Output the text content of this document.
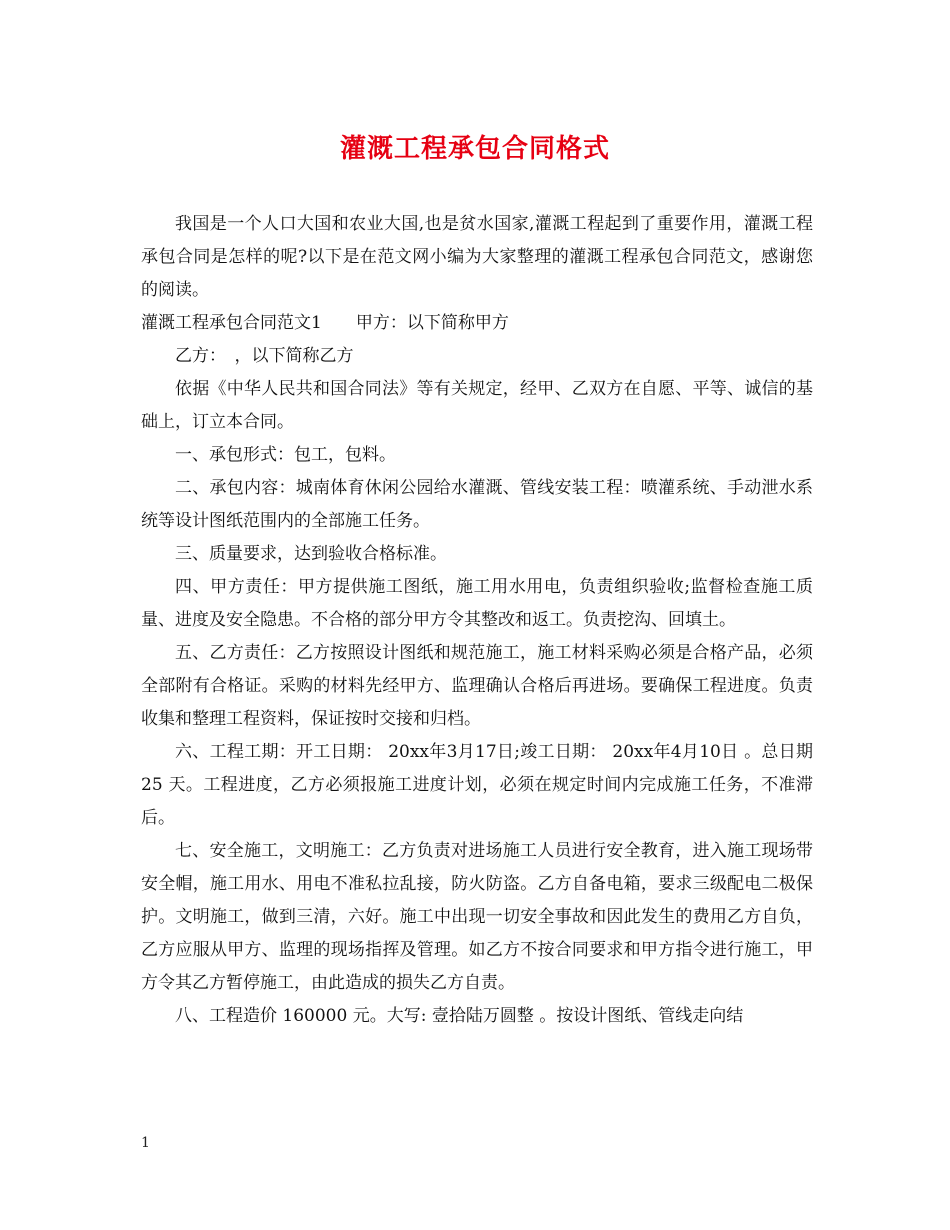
灌溉工程承包合同格式

我国是一个人口大国和农业大国,也是贫水国家,灌溉工程起到了重要作用，灌溉工程承包合同是怎样的呢?以下是在范文网小编为大家整理的灌溉工程承包合同范文，感谢您的阅读。

灌溉工程承包合同范文1　　甲方：以下简称甲方

乙方：　，以下简称乙方

依据《中华人民共和国合同法》等有关规定，经甲、乙双方在自愿、平等、诚信的基础上，订立本合同。

一、承包形式：包工，包料。

二、承包内容：城南体育休闲公园给水灌溉、管线安装工程：喷灌系统、手动泄水系统等设计图纸范围内的全部施工任务。

三、质量要求，达到验收合格标准。

四、甲方责任：甲方提供施工图纸，施工用水用电，负责组织验收;监督检查施工质量、进度及安全隐患。不合格的部分甲方令其整改和返工。负责挖沟、回填土。

五、乙方责任：乙方按照设计图纸和规范施工，施工材料采购必须是合格产品，必须全部附有合格证。采购的材料先经甲方、监理确认合格后再进场。要确保工程进度。负责收集和整理工程资料，保证按时交接和归档。

六、工程工期：开工日期： 20xx年3月17日;竣工日期： 20xx年4月10日 。总日期 25 天。工程进度，乙方必须报施工进度计划，必须在规定时间内完成施工任务，不准滞后。

七、安全施工，文明施工：乙方负责对进场施工人员进行安全教育，进入施工现场带安全帽，施工用水、用电不准私拉乱接，防火防盗。乙方自备电箱，要求三级配电二极保护。文明施工，做到三清，六好。施工中出现一切安全事故和因此发生的费用乙方自负，乙方应服从甲方、监理的现场指挥及管理。如乙方不按合同要求和甲方指令进行施工，甲方令其乙方暂停施工，由此造成的损失乙方自责。

八、工程造价 160000 元。大写: 壹拾陆万圆整 。按设计图纸、管线走向结

1
